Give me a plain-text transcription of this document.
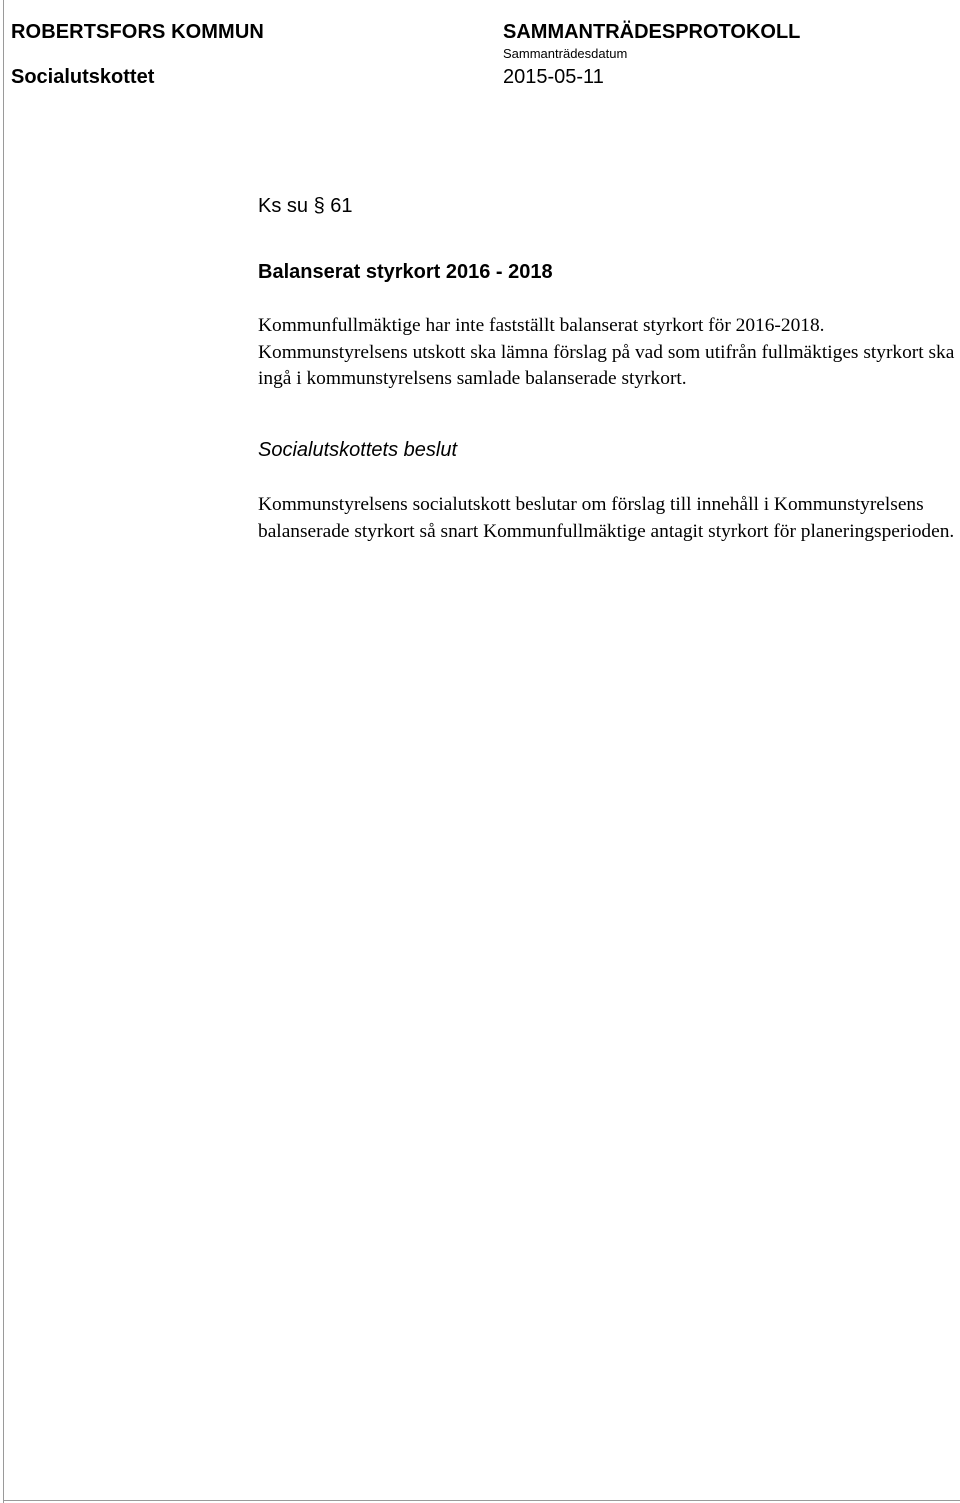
ROBERTSFORS KOMMUN	SAMMANTRÄDESPROTOKOLL
Sammanträdesdatum
Socialutskottet	2015-05-11
Ks su § 61
Balanserat styrkort 2016 - 2018

Kommunfullmäktige har inte fastställt balanserat styrkort för 2016-2018. Kommunstyrelsens utskott ska lämna förslag på vad som utifrån fullmäktiges styrkort ska ingå i kommunstyrelsens samlade balanserade styrkort.

Socialutskottets beslut

Kommunstyrelsens socialutskott beslutar om förslag till innehåll i Kommunstyrelsens balanserade styrkort så snart Kommunfullmäktige antagit styrkort för planeringsperioden.
